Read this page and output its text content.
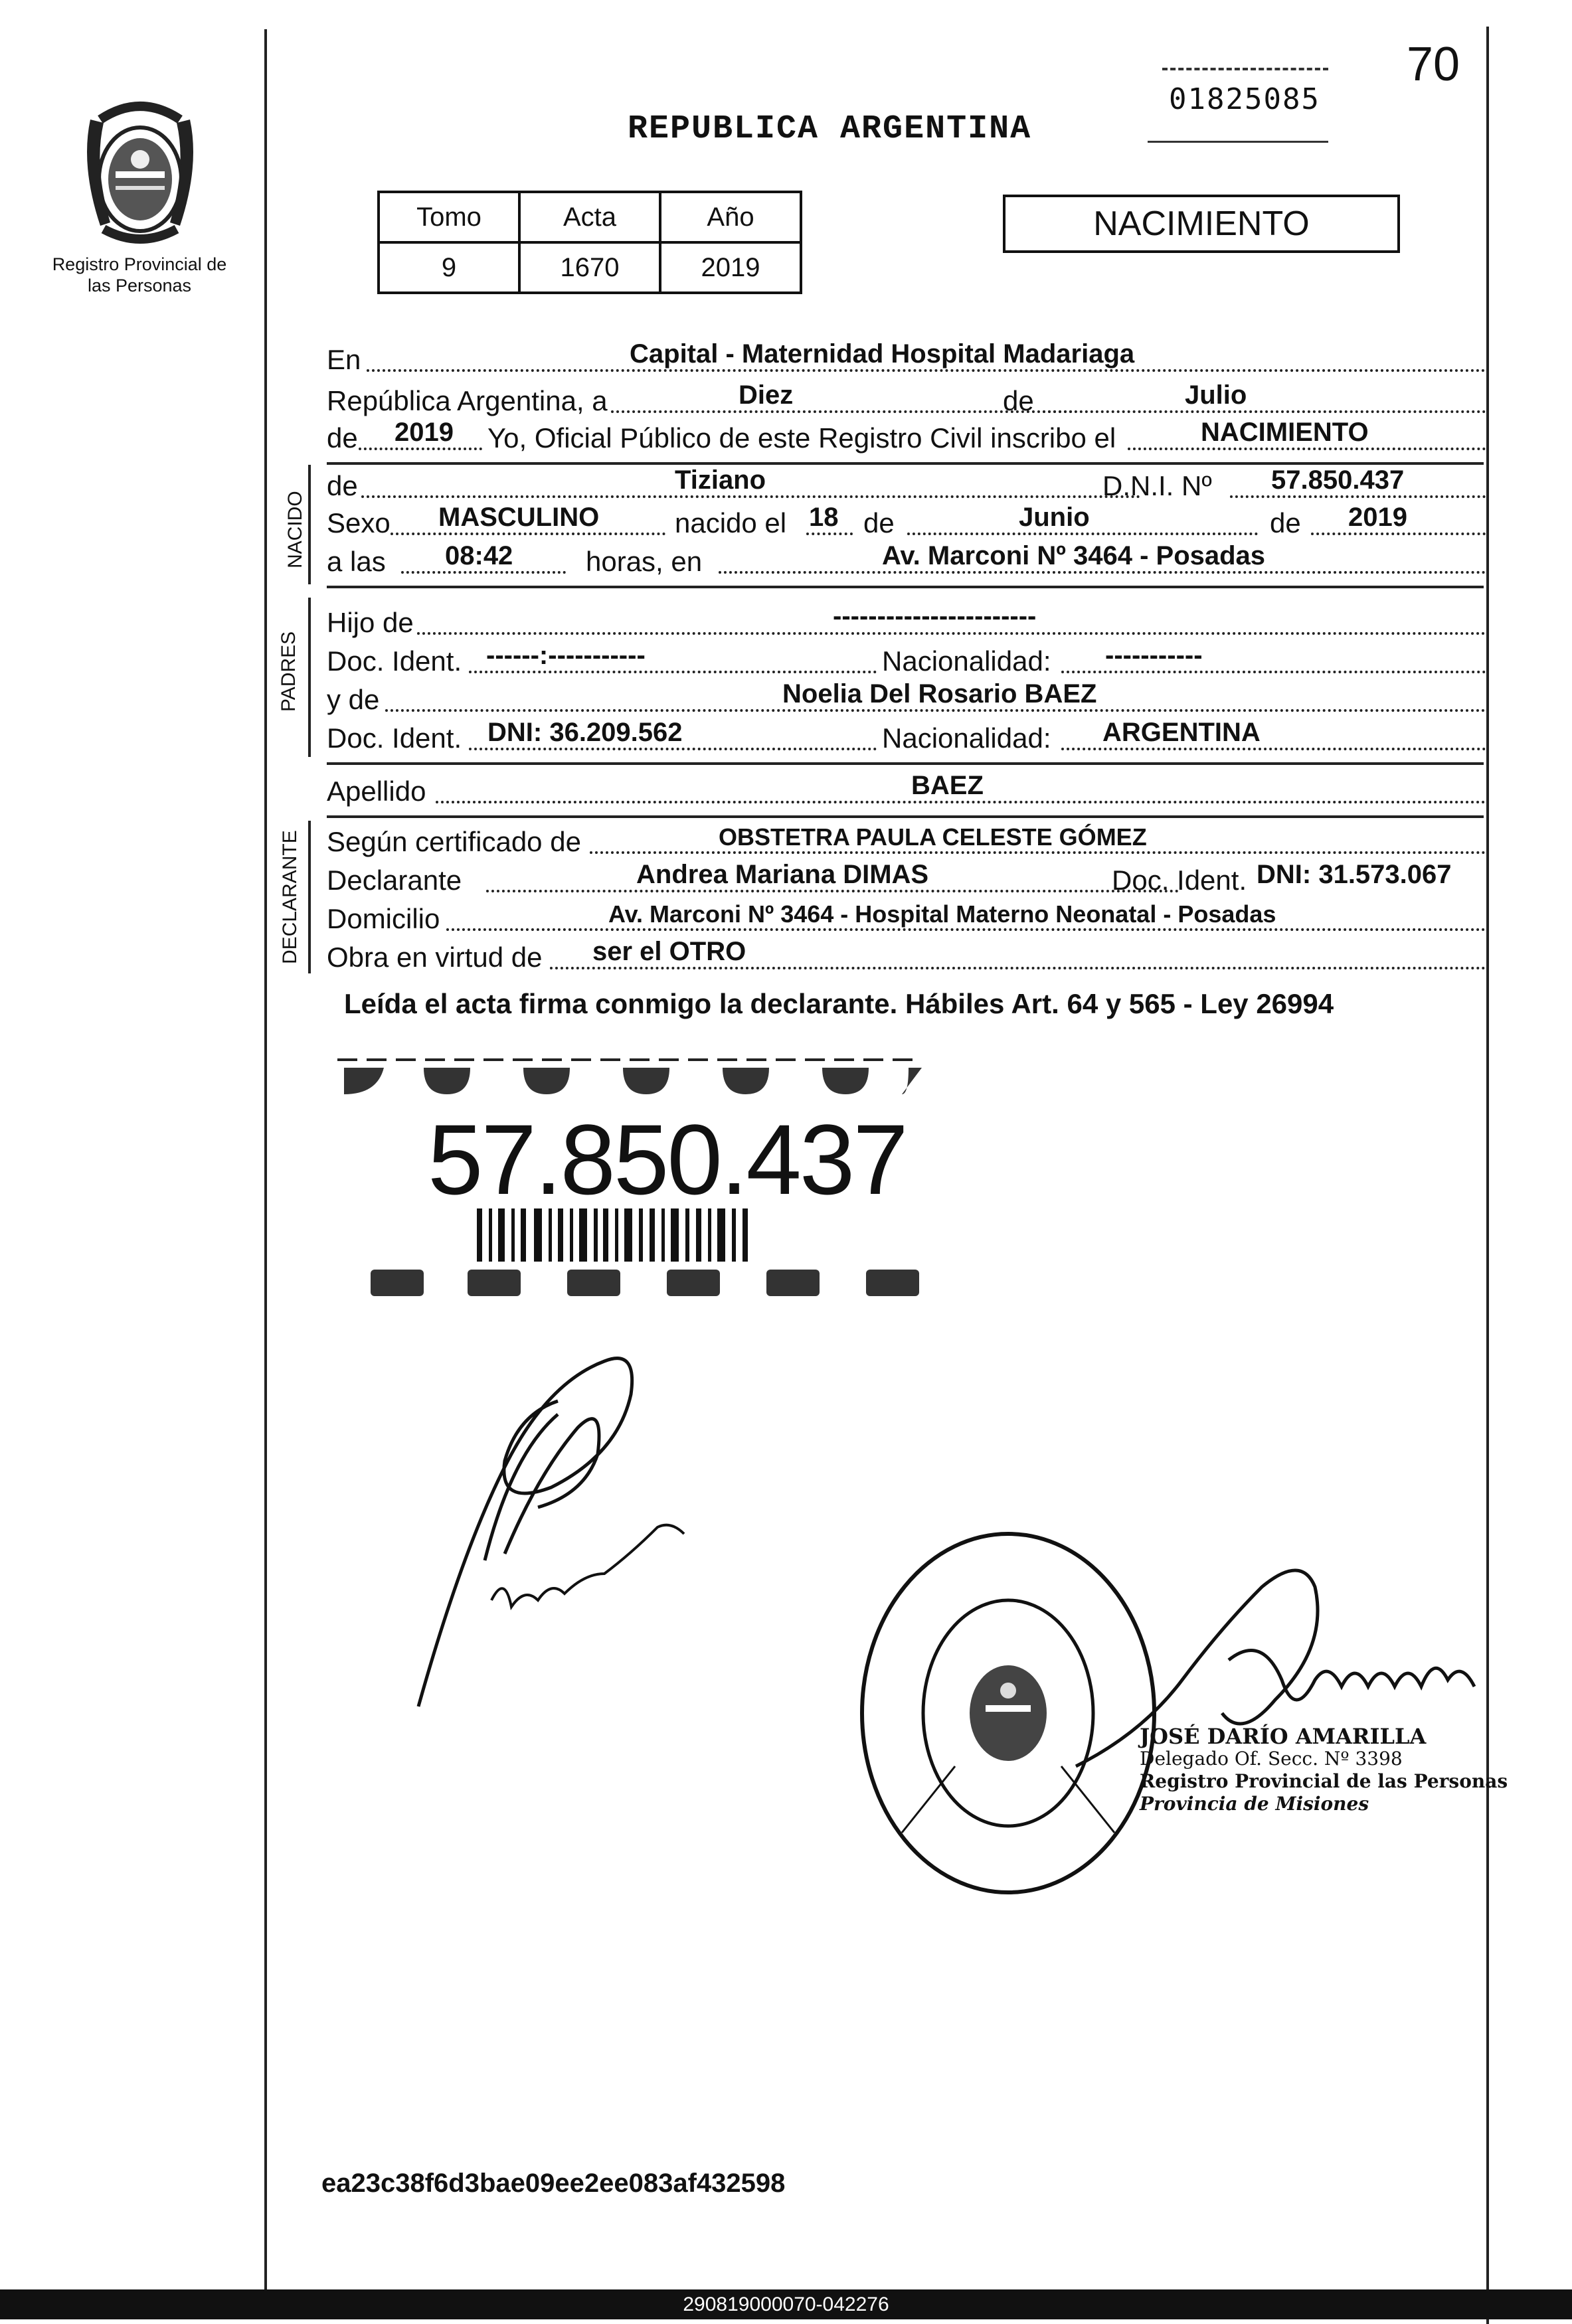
70
01825085
Registro Provincial de las Personas
REPUBLICA ARGENTINA
Tomo	Acta	Año
9	1670	2019
NACIMIENTO
En	Capital - Maternidad Hospital Madariaga
República Argentina, a	Diez	de	Julio
de 2019 Yo, Oficial Público de este Registro Civil inscribo el	NACIMIENTO
NACIDO
de	Tiziano	D.N.I. Nº 57.850.437
Sexo MASCULINO	nacido el 18 de	Junio	de 2019
a las 08:42	horas, en	Av. Marconi Nº 3464 - Posadas
PADRES
Hijo de	-----------------------
Doc. Ident. ------:-----------	Nacionalidad: -----------
y de	Noelia Del Rosario BAEZ
Doc. Ident. DNI: 36.209.562	Nacionalidad: ARGENTINA
Apellido	BAEZ
DECLARANTE Según certificado de	OBSTETRA PAULA CELESTE GÓMEZ
Declarante	Andrea Mariana DIMAS	Doc. Ident. DNI: 31.573.067
Domicilio	Av. Marconi Nº 3464 - Hospital Materno Neonatal - Posadas
Obra en virtud de ser el OTRO
Leída el acta firma conmigo la declarante. Hábiles Art. 64 y 565 - Ley 26994
57.850.437
JOSÉ DARÍO AMARILLA
Delegado Of. Secc. Nº 3398
Registro Provincial de las Personas
Provincia de Misiones
ea23c38f6d3bae09ee2ee083af432598
290819000070-042276
